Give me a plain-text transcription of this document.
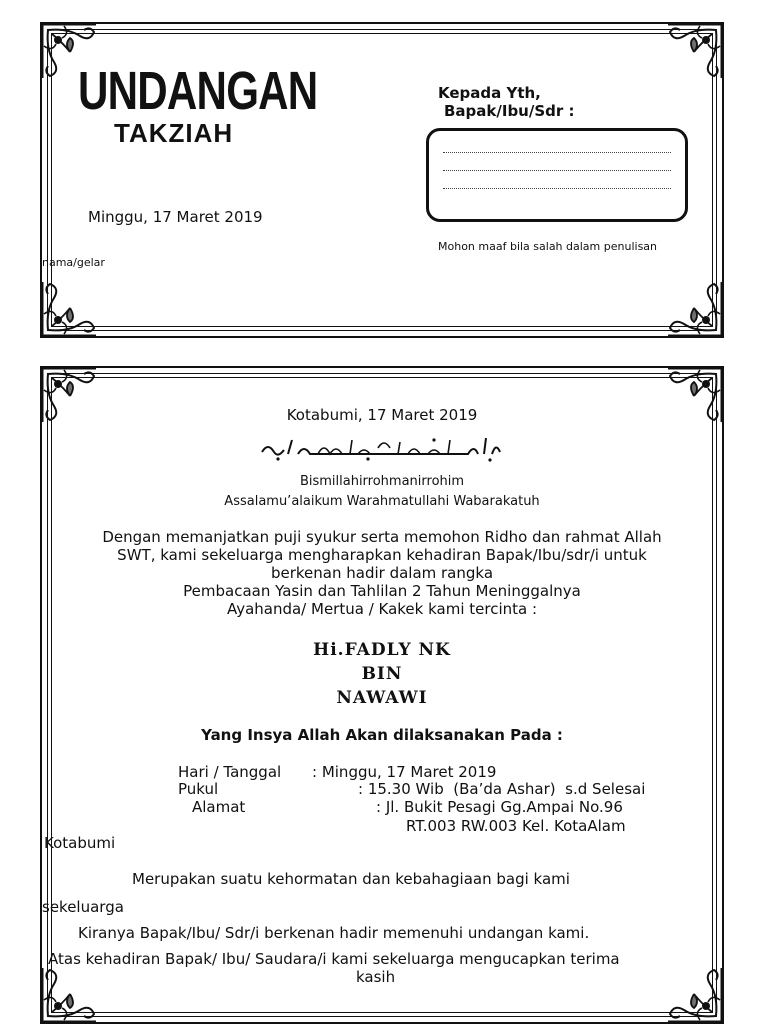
UNDANGAN
TAKZIAH
Minggu, 17 Maret 2019
Kepada Yth,
Bapak/Ibu/Sdr :
Mohon maaf bila salah dalam penulisan
nama/gelar
Kotabumi, 17 Maret 2019
Bismillahirrohmanirrohim
Assalamu’alaikum Warahmatullahi Wabarakatuh
Dengan memanjatkan puji syukur serta memohon Ridho dan rahmat Allah
SWT, kami sekeluarga mengharapkan kehadiran Bapak/Ibu/sdr/i untuk
berkenan hadir dalam rangka
Pembacaan Yasin dan Tahlilan 2 Tahun Meninggalnya
Ayahanda/ Mertua / Kakek kami tercinta :
Hi.FADLY NK
BIN
NAWAWI
Yang Insya Allah Akan dilaksanakan Pada :
Hari / Tanggal : Minggu, 17 Maret 2019
Pukul	: 15.30 Wib  (Ba’da Ashar)  s.d Selesai
Alamat	: Jl. Bukit Pesagi Gg.Ampai No.96
RT.003 RW.003 Kel. KotaAlam
Kotabumi
Merupakan suatu kehormatan dan kebahagiaan bagi kami
sekeluarga
Kiranya Bapak/Ibu/ Sdr/i berkenan hadir memenuhi undangan kami.
Atas kehadiran Bapak/ Ibu/ Saudara/i kami sekeluarga mengucapkan terima
kasih
